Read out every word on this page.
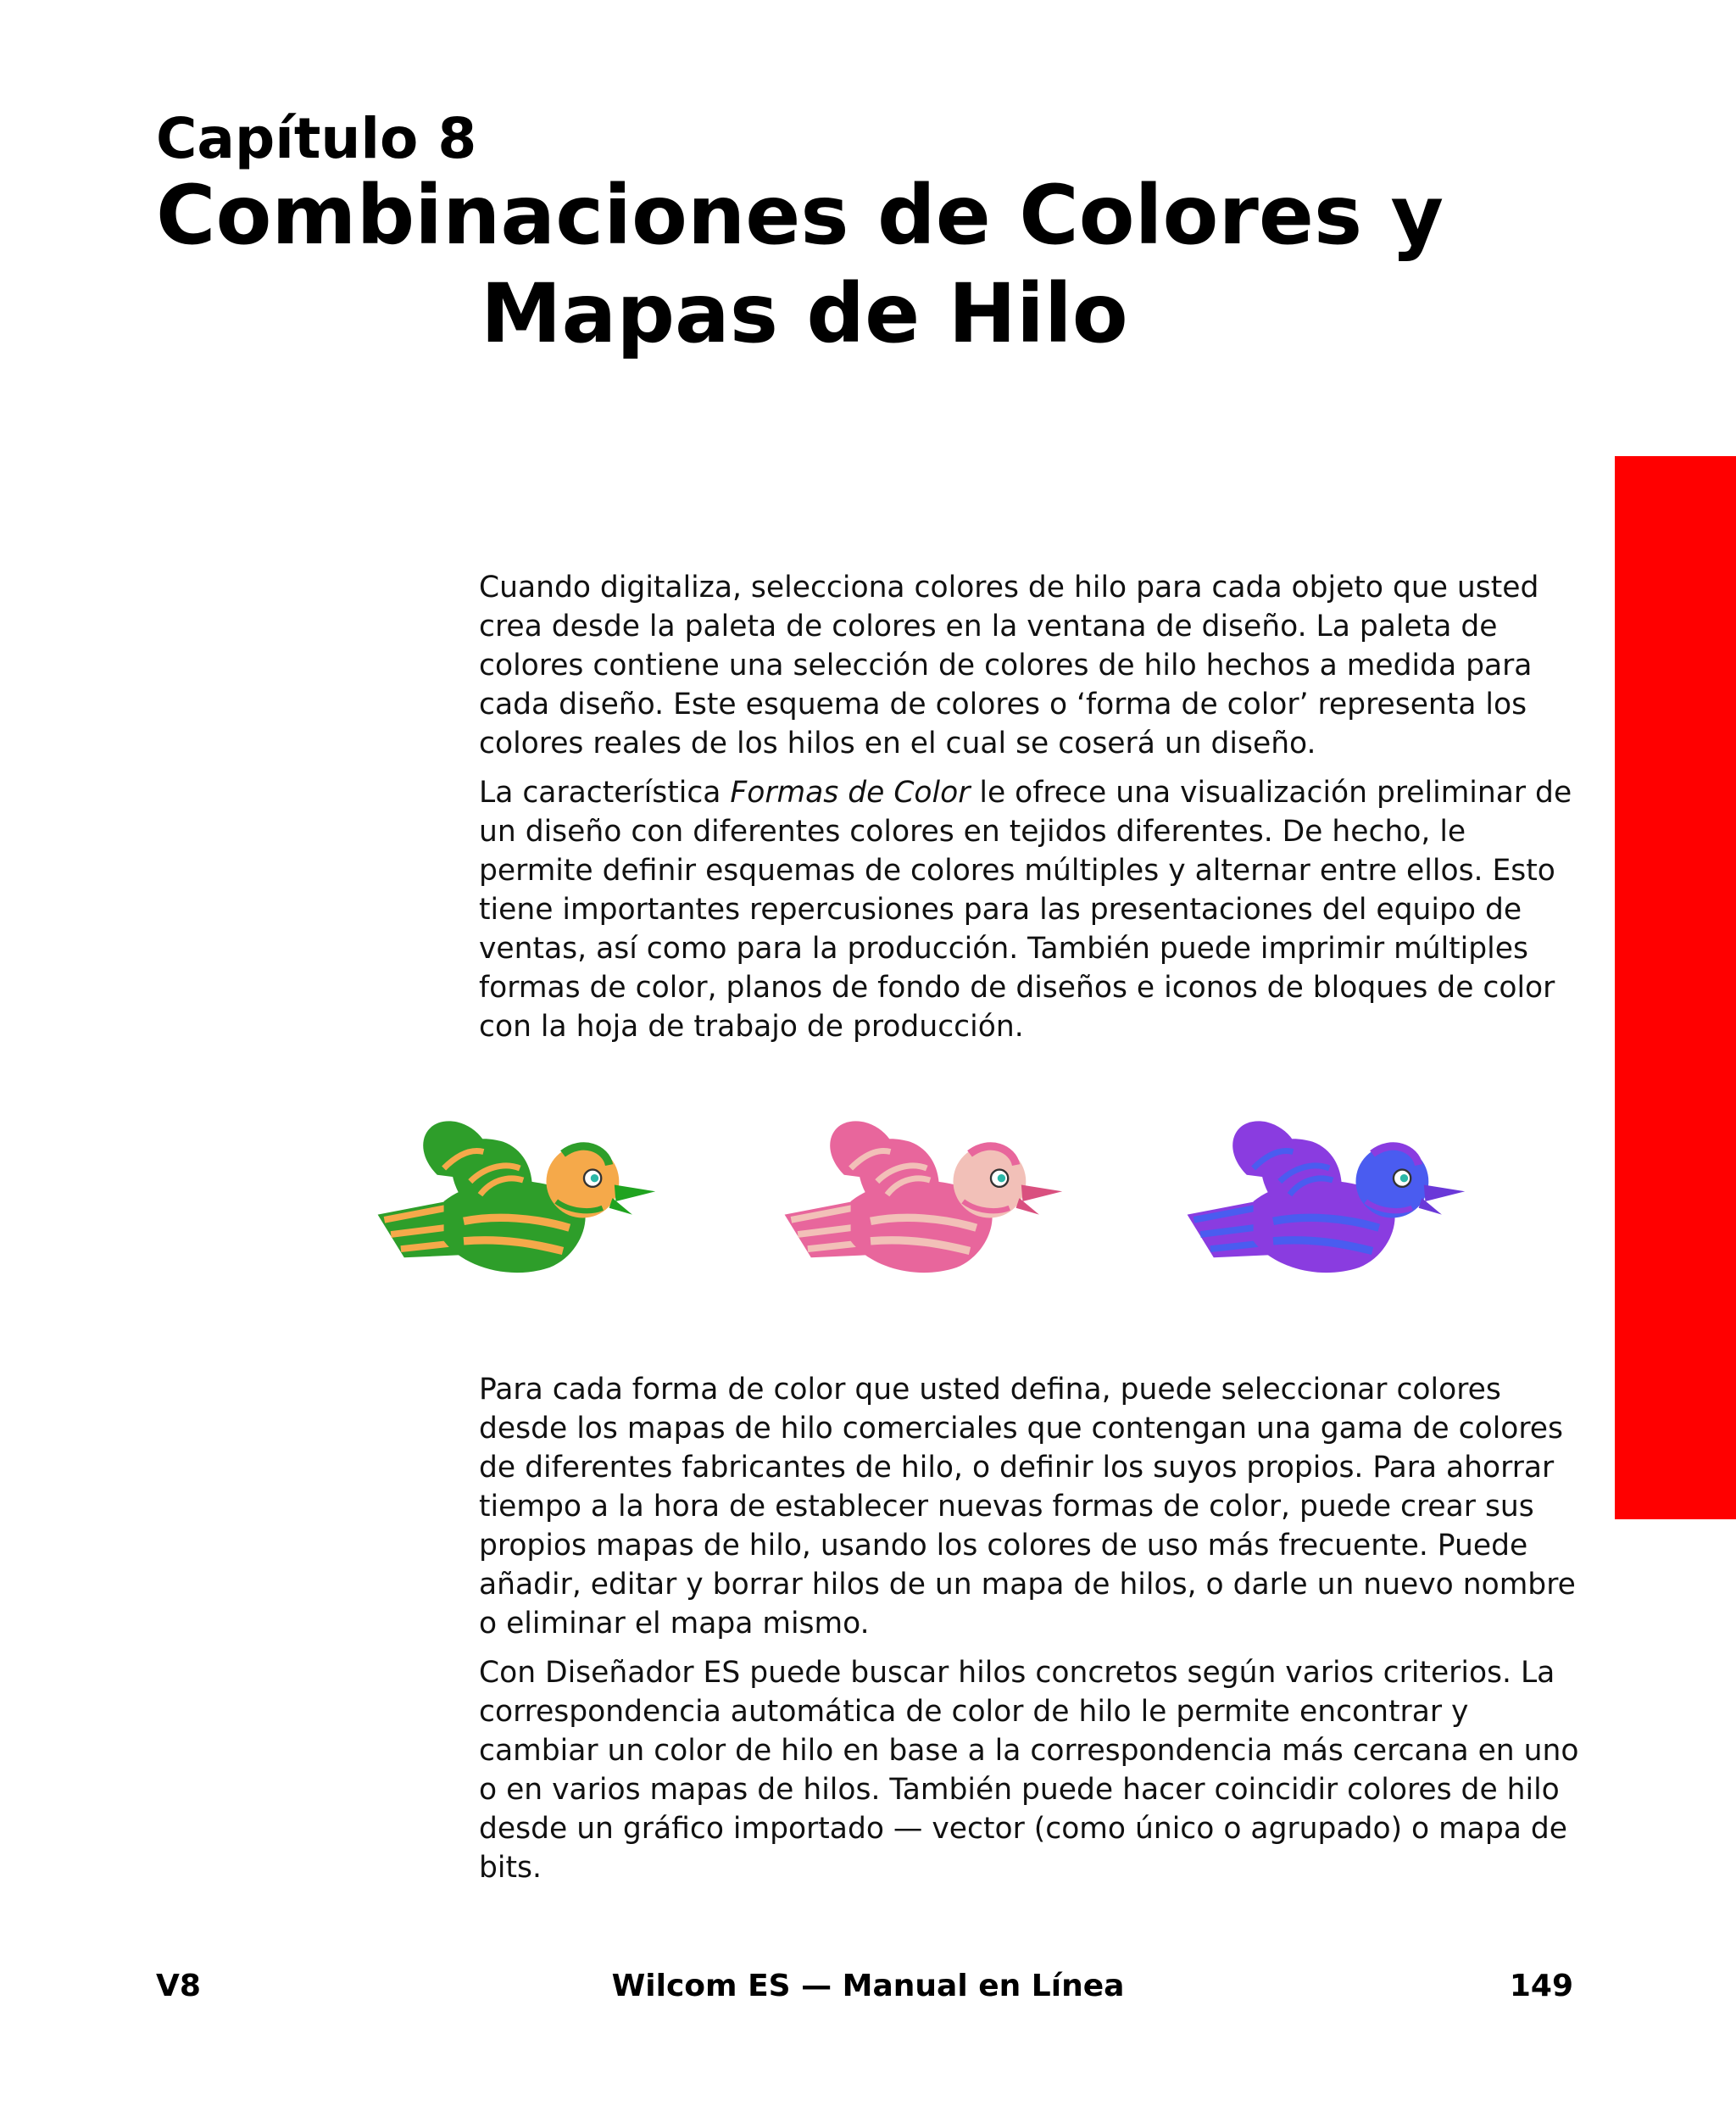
Capítulo 8
Combinaciones de Colores y
Mapas de Hilo

Cuando digitaliza, selecciona colores de hilo para cada objeto que usted crea desde la paleta de colores en la ventana de diseño. La paleta de colores contiene una selección de colores de hilo hechos a medida para cada diseño. Este esquema de colores o ‘forma de color’ representa los colores reales de los hilos en el cual se coserá un diseño.

La característica Formas de Color le ofrece una visualización preliminar de un diseño con diferentes colores en tejidos diferentes. De hecho, le permite definir esquemas de colores múltiples y alternar entre ellos. Esto tiene importantes repercusiones para las presentaciones del equipo de ventas, así como para la producción. También puede imprimir múltiples formas de color, planos de fondo de diseños e iconos de bloques de color con la hoja de trabajo de producción.

Para cada forma de color que usted defina, puede seleccionar colores desde los mapas de hilo comerciales que contengan una gama de colores de diferentes fabricantes de hilo, o definir los suyos propios. Para ahorrar tiempo a la hora de establecer nuevas formas de color, puede crear sus propios mapas de hilo, usando los colores de uso más frecuente. Puede añadir, editar y borrar hilos de un mapa de hilos, o darle un nuevo nombre o eliminar el mapa mismo.

Con Diseñador ES puede buscar hilos concretos según varios criterios. La correspondencia automática de color de hilo le permite encontrar y cambiar un color de hilo en base a la correspondencia más cercana en uno o en varios mapas de hilos. También puede hacer coincidir colores de hilo desde un gráfico importado — vector (como único o agrupado) o mapa de bits.

V8	Wilcom ES — Manual en Línea	149
